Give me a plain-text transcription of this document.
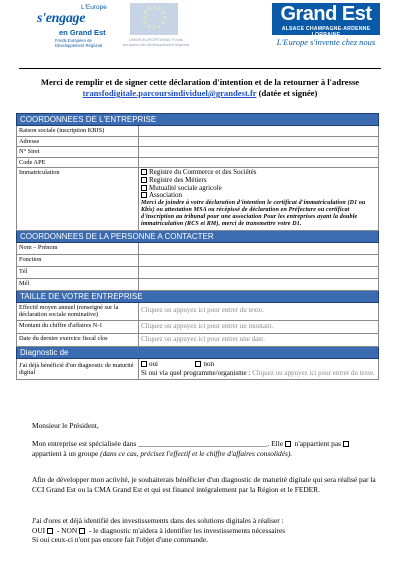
L'Europe
s'engage
en Grand Est
Fonds Européen de Développement Régional
★
★
★
★
★
★
★
★
★ ★ ★
★
UNION EUROPÉENNE Fonds européen de développement régional
Grand Est
ALSACE CHAMPAGNE-ARDENNE LORRAINE
L'Europe s'invente chez nous
Merci de remplir et de signer cette déclaration d'intention et de la retourner à l'adresse
transfodigitale.parcoursindividuel@grandest.fr (datée et signée)
COORDONNEES DE L'ENTREPRISE	
Raison sociale (inscription KBIS)	
Adresse	
N° Siret	
Code APE	
Immatriculation	Registre du Commerce et des Sociétés
Registre des Métiers
Mutualité sociale agricole
Association
Merci de joindre à votre déclaration d'intention le certificat d'immatriculation (D1 ou Kbis) ou attestation MSA ou récépissé de déclaration en Préfecture ou certificat d'inscription au tribunal pour une association Pour les entreprises ayant la double immatriculation (RCS et RM), merci de transmettre votre D1.

COORDONNEES DE LA PERSONNE A CONTACTER	
Nom – Prénom	
Fonction	
Tél	
Mél	
TAILLE DE VOTRE ENTREPRISE	
Effectif moyen annuel (renseigné sur la déclaration sociale nominative)	Cliquez ou appuyez ici pour entrer du texte.
Montant du chiffre d'affaires N-1	Cliquez ou appuyez ici pour entrer un montant.
Date du dernier exercice fiscal clos	Cliquez ou appuyez ici pour entrer une date.
Diagnostic de	
J'ai déjà bénéficié d'un diagnostic de maturité digital	oui non
Si oui via quel programme/organisme : Cliquez ou appuyez ici pour entrer du texte.
Monsieur le Président,
Mon entreprise est spécialisée dans ___________________________________. Elle  n'appartient pas  appartient à un groupe (dans ce cas, précisez l'effectif et le chiffre d'affaires consolidés).
Afin de développer mon activité, je souhaiterais bénéficier d'un diagnostic de maturité digitale qui sera réalisé par la CCI Grand Est ou la CMA Grand Est et qui est financé intégralement par la Région et le FEDER.
J'ai d'ores et déjà identifié des investissements dans des solutions digitales à réaliser :
OUI  - NON  - le diagnostic m'aidera à identifier les investissements nécessaires
Si oui ceux-ci n'ont pas encore fait l'objet d'une commande.
